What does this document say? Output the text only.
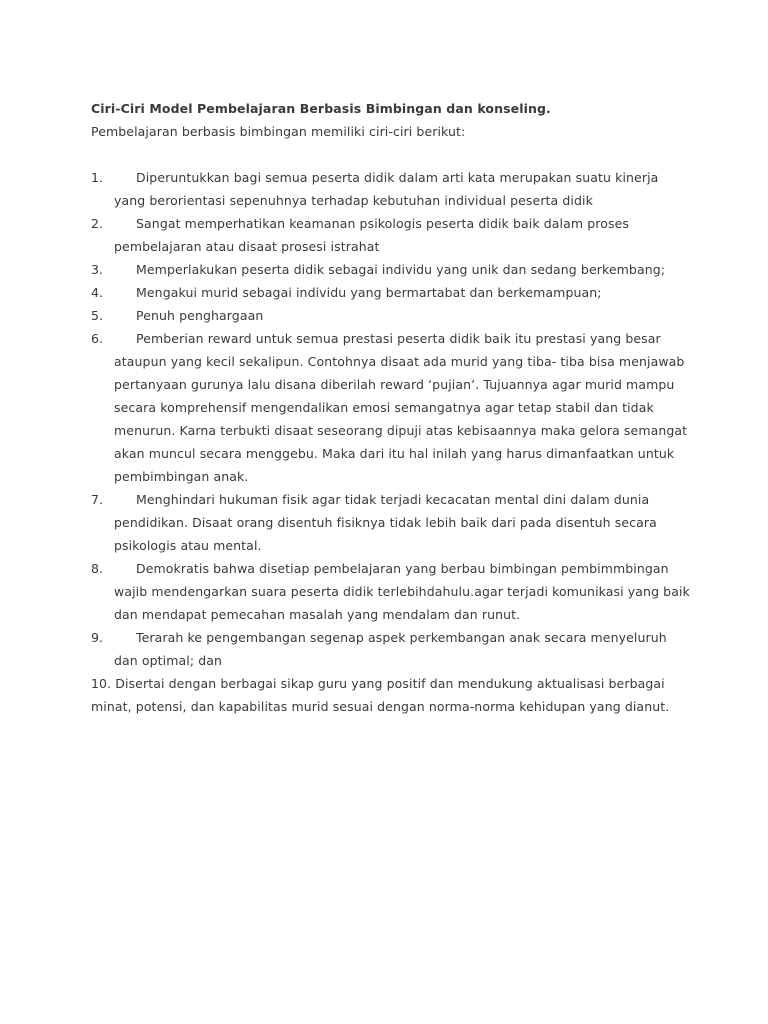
Ciri-Ciri Model Pembelajaran Berbasis Bimbingan dan konseling.

Pembelajaran berbasis bimbingan memiliki ciri-ciri berikut:

1.	Diperuntukkan bagi semua peserta didik dalam arti kata merupakan suatu kinerja yang berorientasi sepenuhnya terhadap kebutuhan individual peserta didik
2.	Sangat memperhatikan keamanan psikologis peserta didik baik dalam proses pembelajaran atau disaat prosesi istrahat
3.	Memperlakukan peserta didik sebagai individu yang unik dan sedang berkembang;
4.	Mengakui murid sebagai individu yang bermartabat dan berkemampuan;
5.	Penuh penghargaan
6.	Pemberian reward untuk semua prestasi peserta didik baik itu prestasi yang besar ataupun yang kecil sekalipun. Contohnya disaat ada murid yang tiba- tiba bisa menjawab pertanyaan gurunya lalu disana diberilah reward ‘pujian’. Tujuannya agar murid mampu secara komprehensif mengendalikan emosi semangatnya agar tetap stabil dan tidak menurun. Karna terbukti disaat seseorang dipuji atas kebisaannya maka gelora semangat akan muncul secara menggebu. Maka dari itu hal inilah yang harus dimanfaatkan untuk pembimbingan anak.
7.	Menghindari hukuman fisik agar tidak terjadi kecacatan mental dini dalam dunia pendidikan. Disaat orang disentuh fisiknya tidak lebih baik dari pada disentuh secara psikologis atau mental.
8.	Demokratis bahwa disetiap pembelajaran yang berbau bimbingan pembimmbingan wajib mendengarkan suara peserta didik terlebihdahulu.agar terjadi komunikasi yang baik dan mendapat pemecahan masalah yang mendalam dan runut.
9.	Terarah ke pengembangan segenap aspek perkembangan anak secara menyeluruh dan optimal; dan
10. Disertai dengan berbagai sikap guru yang positif dan mendukung aktualisasi berbagai minat, potensi, dan kapabilitas murid sesuai dengan norma-norma kehidupan yang dianut.
